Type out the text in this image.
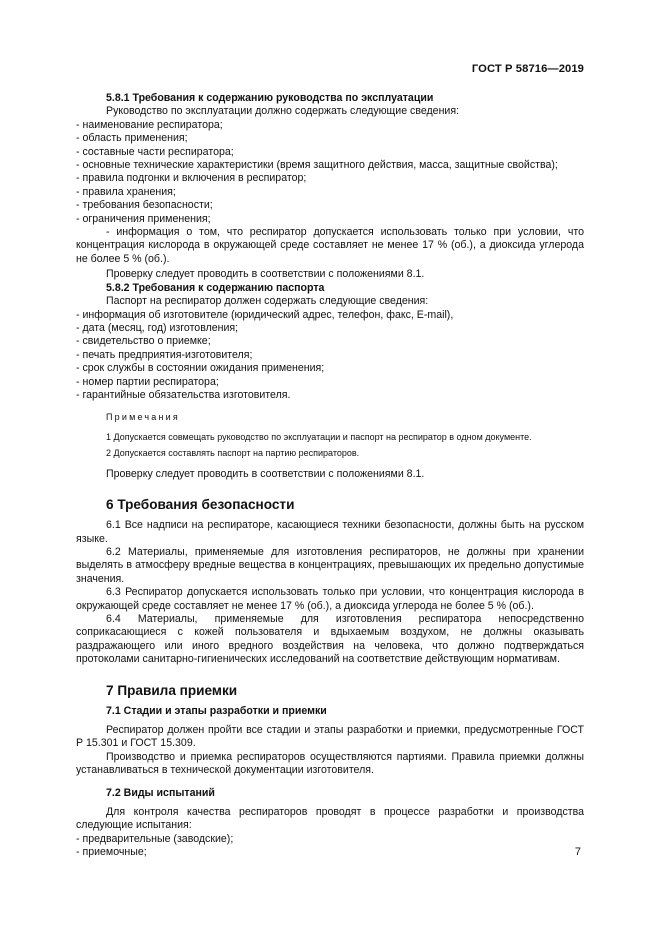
ГОСТ Р 58716—2019

5.8.1 Требования к содержанию руководства по эксплуатации

Руководство по эксплуатации должно содержать следующие сведения:

- наименование респиратора;
- область применения;
- составные части респиратора;
- основные технические характеристики (время защитного действия, масса, защитные свойства);
- правила подгонки и включения в респиратор;
- правила хранения;
- требования безопасности;
- ограничения применения;

- информация о том, что респиратор допускается использовать только при условии, что концентрация кислорода в окружающей среде составляет не менее 17 % (об.), а диоксида углерода не более 5 % (об.).

Проверку следует проводить в соответствии с положениями 8.1.

5.8.2 Требования к содержанию паспорта

Паспорт на респиратор должен содержать следующие сведения:

- информация об изготовителе (юридический адрес, телефон, факс, E-mail),
- дата (месяц, год) изготовления;
- свидетельство о приемке;
- печать предприятия-изготовителя;
- срок службы в состоянии ожидания применения;
- номер партии респиратора;
- гарантийные обязательства изготовителя.

Примечания

1 Допускается совмещать руководство по эксплуатации и паспорт на респиратор в одном документе.

2 Допускается составлять паспорт на партию респираторов.

Проверку следует проводить в соответствии с положениями 8.1.

6 Требования безопасности

6.1 Все надписи на респираторе, касающиеся техники безопасности, должны быть на русском языке.

6.2 Материалы, применяемые для изготовления респираторов, не должны при хранении выделять в атмосферу вредные вещества в концентрациях, превышающих их предельно допустимые значения.

6.3 Респиратор допускается использовать только при условии, что концентрация кислорода в окружающей среде составляет не менее 17 % (об.), а диоксида углерода не более 5 % (об.).

6.4 Материалы, применяемые для изготовления респиратора непосредственно соприкасающиеся с кожей пользователя и вдыхаемым воздухом, не должны оказывать раздражающего или иного вредного воздействия на человека, что должно подтверждаться протоколами санитарно-гигиенических исследований на соответствие действующим нормативам.

7 Правила приемки

7.1 Стадии и этапы разработки и приемки

Респиратор должен пройти все стадии и этапы разработки и приемки, предусмотренные ГОСТ Р 15.301 и ГОСТ 15.309.

Производство и приемка респираторов осуществляются партиями. Правила приемки должны устанавливаться в технической документации изготовителя.

7.2 Виды испытаний

Для контроля качества респираторов проводят в процессе разработки и производства следующие испытания:

- предварительные (заводские);
- приемочные;	7
